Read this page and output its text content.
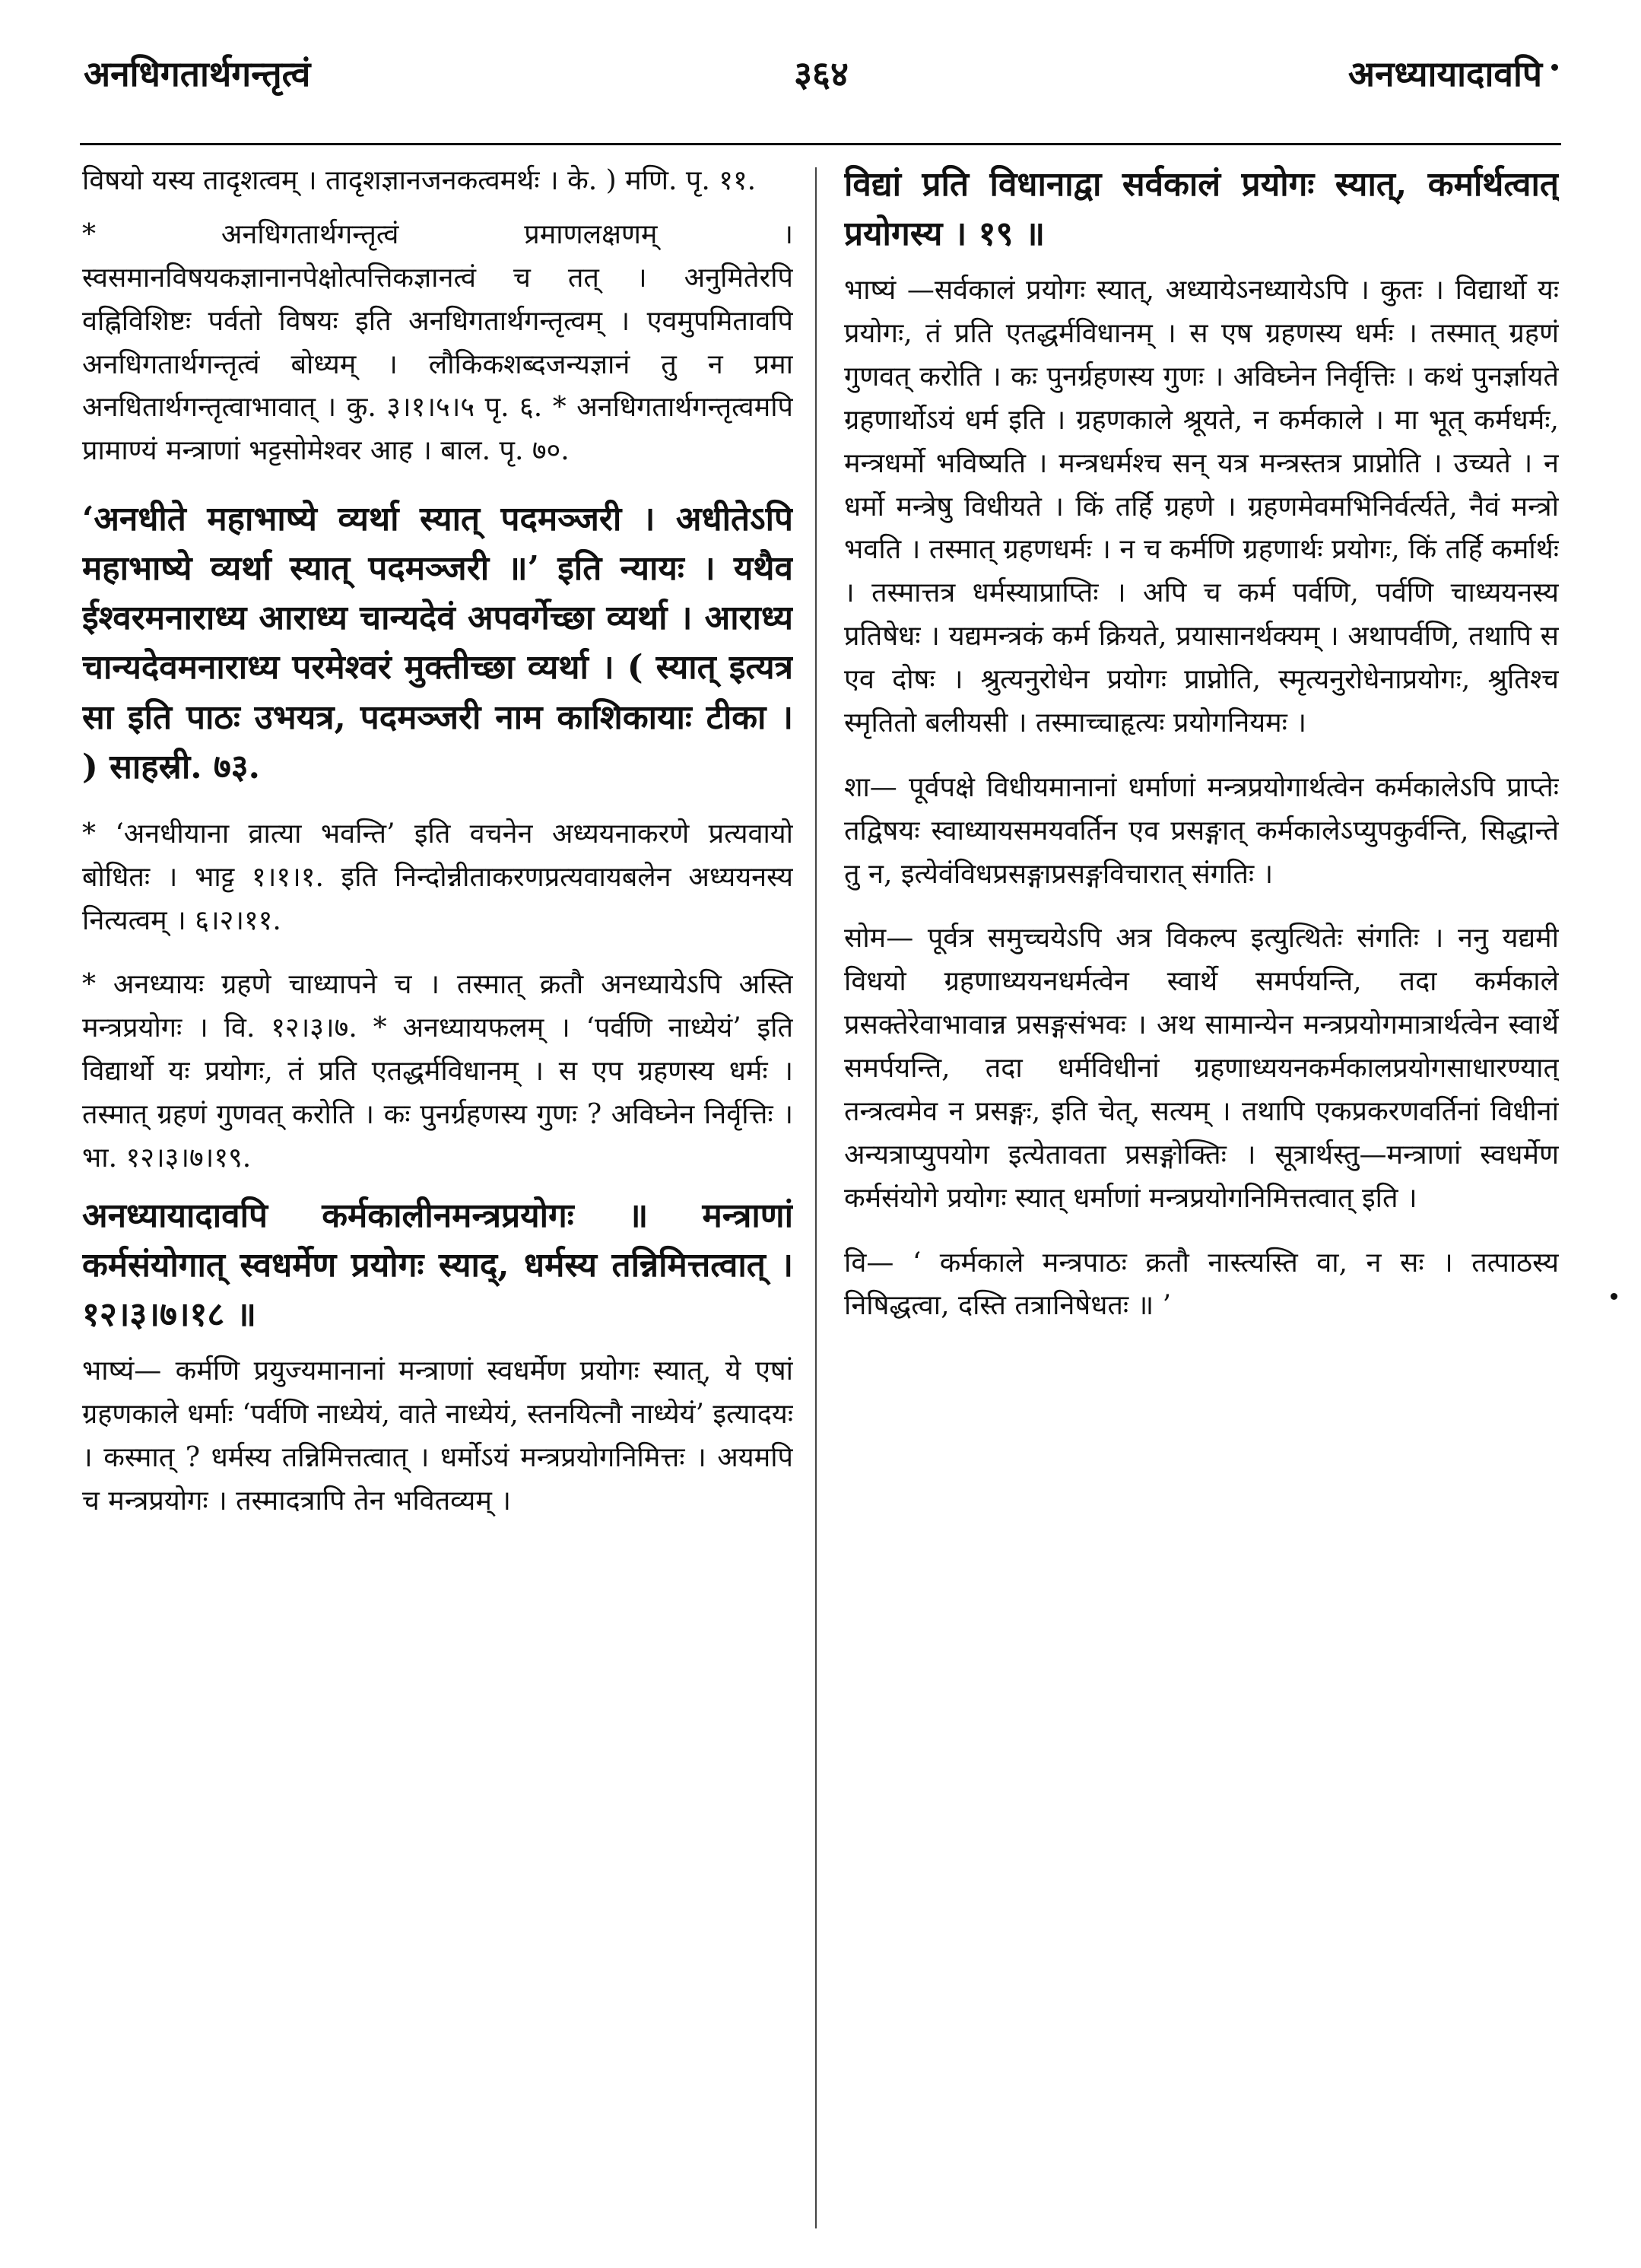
अनधिगतार्थगन्तृत्वं	३६४	अनध्यायादावपि

विषयो यस्य तादृशत्वम् । तादृशज्ञानजनकत्वमर्थः । के. ) मणि. पृ. ११.

* अनधिगतार्थगन्तृत्वं प्रमाणलक्षणम् । स्वसमानविषयकज्ञानानपेक्षोत्पत्तिकज्ञानत्वं च तत् । अनुमितेरपि वह्निविशिष्टः पर्वतो विषयः इति अनधिगतार्थगन्तृत्वम् । एवमुपमितावपि अनधिगतार्थगन्तृत्वं बोध्यम् । लौकिकशब्दजन्यज्ञानं तु न प्रमा अनधितार्थगन्तृत्वाभावात् । कु. ३।१।५।५ पृ. ६. * अनधिगतार्थगन्तृत्वमपि प्रामाण्यं मन्त्राणां भट्टसोमेश्वर आह । बाल. पृ. ७०.

‘अनधीते महाभाष्ये व्यर्था स्यात् पदमञ्जरी । अधीतेऽपि महाभाष्ये व्यर्था स्यात् पदमञ्जरी ॥’ इति न्यायः । यथैव ईश्वरमनाराध्य आराध्य चान्यदेवं अपवर्गेच्छा व्यर्था । आराध्य चान्यदेवमनाराध्य परमेश्वरं मुक्तीच्छा व्यर्था । ( स्यात् इत्यत्र सा इति पाठः उभयत्र, पदमञ्जरी नाम काशिकायाः टीका । ) साहस्री. ७३.

* ‘अनधीयाना व्रात्या भवन्ति’ इति वचनेन अध्ययनाकरणे प्रत्यवायो बोधितः । भाट्ट १।१।१. इति निन्दोन्नीताकरणप्रत्यवायबलेन अध्ययनस्य नित्यत्वम् । ६।२।११.

* अनध्यायः ग्रहणे चाध्यापने च । तस्मात् क्रतौ अनध्यायेऽपि अस्ति मन्त्रप्रयोगः । वि. १२।३।७. * अनध्यायफलम् । ‘पर्वणि नाध्येयं’ इति विद्यार्थो यः प्रयोगः, तं प्रति एतद्धर्मविधानम् । स एप ग्रहणस्य धर्मः । तस्मात् ग्रहणं गुणवत् करोति । कः पुनर्ग्रहणस्य गुणः ? अविघ्नेन निर्वृत्तिः । भा. १२।३।७।१९.

अनध्यायादावपि कर्मकालीनमन्त्रप्रयोगः ॥ मन्त्राणां कर्मसंयोगात् स्वधर्मेण प्रयोगः स्याद्, धर्मस्य तन्निमित्तत्वात् । १२।३।७।१८ ॥

भाष्यं— कर्मणि प्रयुज्यमानानां मन्त्राणां स्वधर्मेण प्रयोगः स्यात्, ये एषां ग्रहणकाले धर्माः ‘पर्वणि नाध्येयं, वाते नाध्येयं, स्तनयित्नौ नाध्येयं’ इत्यादयः । कस्मात् ? धर्मस्य तन्निमित्तत्वात् । धर्मोऽयं मन्त्रप्रयोगनिमित्तः । अयमपि च मन्त्रप्रयोगः । तस्मादत्रापि तेन भवितव्यम् ।

विद्यां प्रति विधानाद्वा सर्वकालं प्रयोगः स्यात्, कर्मार्थत्वात् प्रयोगस्य । १९ ॥

भाष्यं —सर्वकालं प्रयोगः स्यात्, अध्यायेऽनध्यायेऽपि । कुतः । विद्यार्थो यः प्रयोगः, तं प्रति एतद्धर्मविधानम् । स एष ग्रहणस्य धर्मः । तस्मात् ग्रहणं गुणवत् करोति । कः पुनर्ग्रहणस्य गुणः । अविघ्नेन निर्वृत्तिः । कथं पुनर्ज्ञायते ग्रहणार्थोऽयं धर्म इति । ग्रहणकाले श्रूयते, न कर्मकाले । मा भूत् कर्मधर्मः, मन्त्रधर्मो भविष्यति । मन्त्रधर्मश्च सन् यत्र मन्त्रस्तत्र प्राप्नोति । उच्यते । न धर्मो मन्त्रेषु विधीयते । किं तर्हि ग्रहणे । ग्रहणमेवमभिनिर्वर्त्यते, नैवं मन्त्रो भवति । तस्मात् ग्रहणधर्मः । न च कर्मणि ग्रहणार्थः प्रयोगः, किं तर्हि कर्मार्थः । तस्मात्तत्र धर्मस्याप्राप्तिः । अपि च कर्म पर्वणि, पर्वणि चाध्ययनस्य प्रतिषेधः । यद्यमन्त्रकं कर्म क्रियते, प्रयासानर्थक्यम् । अथापर्वणि, तथापि स एव दोषः । श्रुत्यनुरोधेन प्रयोगः प्राप्नोति, स्मृत्यनुरोधेनाप्रयोगः, श्रुतिश्च स्मृतितो बलीयसी । तस्माच्चाहृत्यः प्रयोगनियमः ।

शा— पूर्वपक्षे विधीयमानानां धर्माणां मन्त्रप्रयोगार्थत्वेन कर्मकालेऽपि प्राप्तेः तद्विषयः स्वाध्यायसमयवर्तिन एव प्रसङ्गात् कर्मकालेऽप्युपकुर्वन्ति, सिद्धान्ते तु न, इत्येवंविधप्रसङ्गाप्रसङ्गविचारात् संगतिः ।

सोम— पूर्वत्र समुच्चयेऽपि अत्र विकल्प इत्युत्थितेः संगतिः । ननु यद्यमी विधयो ग्रहणाध्ययनधर्मत्वेन स्वार्थे समर्पयन्ति, तदा कर्मकाले प्रसक्तेरेवाभावान्न प्रसङ्गसंभवः । अथ सामान्येन मन्त्रप्रयोगमात्रार्थत्वेन स्वार्थे समर्पयन्ति, तदा धर्मविधीनां ग्रहणाध्ययनकर्मकालप्रयोगसाधारण्यात् तन्त्रत्वमेव न प्रसङ्गः, इति चेत्, सत्यम् । तथापि एकप्रकरणवर्तिनां विधीनां अन्यत्राप्युपयोग इत्येतावता प्रसङ्गोक्तिः । सूत्रार्थस्तु—मन्त्राणां स्वधर्मेण कर्मसंयोगे प्रयोगः स्यात् धर्माणां मन्त्रप्रयोगनिमित्तत्वात् इति ।

वि— ‘ कर्मकाले मन्त्रपाठः क्रतौ नास्त्यस्ति वा, न सः । तत्पाठस्य निषिद्धत्वा, दस्ति तत्रानिषेधतः ॥ ’
